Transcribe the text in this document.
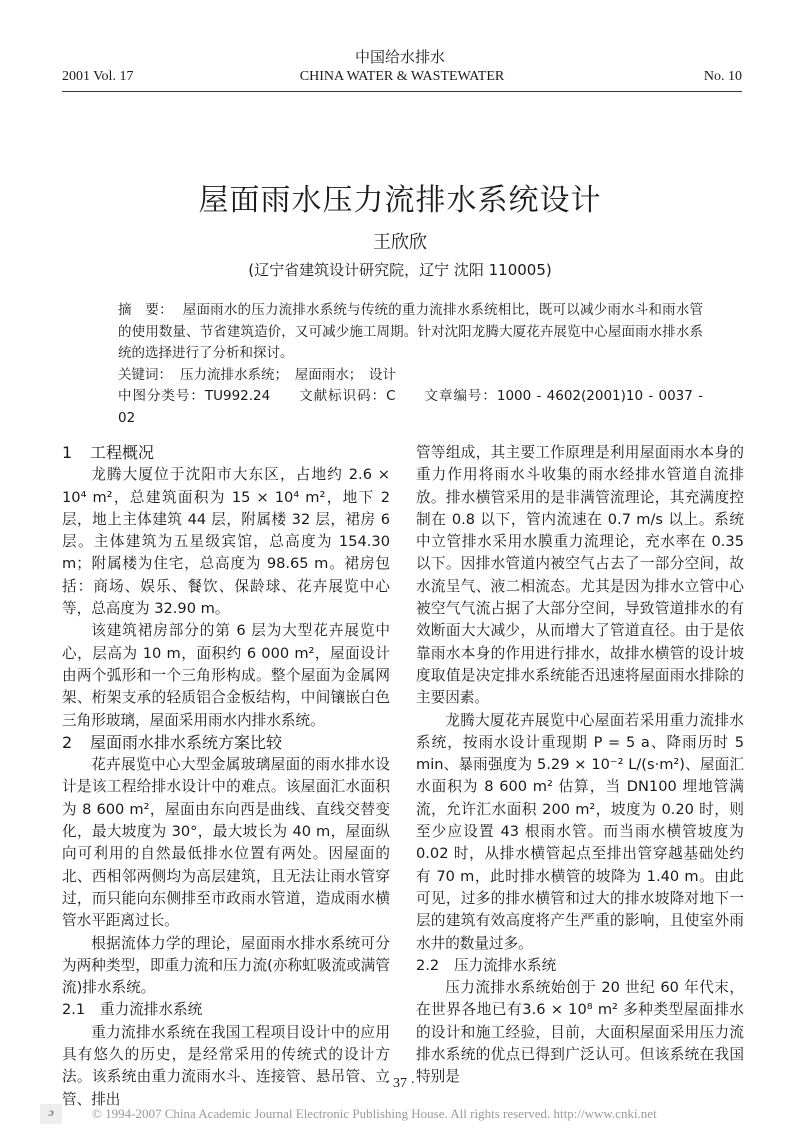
中国给水排水
2001 Vol. 17	CHINA WATER & WASTEWATER	No. 10
屋面雨水压力流排水系统设计
王欣欣
(辽宁省建筑设计研究院，辽宁 沈阳 110005)
摘　要： 屋面雨水的压力流排水系统与传统的重力流排水系统相比，既可以减少雨水斗和雨水管的使用数量、节省建筑造价，又可减少施工周期。针对沈阳龙腾大厦花卉展览中心屋面雨水排水系统的选择进行了分析和探讨。
关键词： 压力流排水系统；　屋面雨水；　设计
中图分类号：TU992.24 文献标识码：C 文章编号：1000 - 4602(2001)10 - 0037 - 02
1 工程概况

龙腾大厦位于沈阳市大东区，占地约 2.6 × 10⁴ m²，总建筑面积为 15 × 10⁴ m²，地下 2 层，地上主体建筑 44 层，附属楼 32 层，裙房 6 层。主体建筑为五星级宾馆，总高度为 154.30 m；附属楼为住宅，总高度为 98.65 m。裙房包括：商场、娱乐、餐饮、保龄球、花卉展览中心等，总高度为 32.90 m。

该建筑裙房部分的第 6 层为大型花卉展览中心，层高为 10 m，面积约 6 000 m²，屋面设计由两个弧形和一个三角形构成。整个屋面为金属网架、桁架支承的轻质铝合金板结构，中间镶嵌白色三角形玻璃，屋面采用雨水内排水系统。

2 屋面雨水排水系统方案比较

花卉展览中心大型金属玻璃屋面的雨水排水设计是该工程给排水设计中的难点。该屋面汇水面积为 8 600 m²，屋面由东向西是曲线、直线交替变化，最大坡度为 30°，最大坡长为 40 m，屋面纵向可利用的自然最低排水位置有两处。因屋面的北、西相邻两侧均为高层建筑，且无法让雨水管穿过，而只能向东侧排至市政雨水管道，造成雨水横管水平距离过长。

根据流体力学的理论，屋面雨水排水系统可分为两种类型，即重力流和压力流(亦称虹吸流或满管流)排水系统。

2.1 重力流排水系统

重力流排水系统在我国工程项目设计中的应用具有悠久的历史，是经常采用的传统式的设计方法。该系统由重力流雨水斗、连接管、悬吊管、立管、排出

管等组成，其主要工作原理是利用屋面雨水本身的重力作用将雨水斗收集的雨水经排水管道自流排放。排水横管采用的是非满管流理论，其充满度控制在 0.8 以下，管内流速在 0.7 m/s 以上。系统中立管排水采用水膜重力流理论，充水率在 0.35 以下。因排水管道内被空气占去了一部分空间，故水流呈气、液二相流态。尤其是因为排水立管中心被空气气流占据了大部分空间，导致管道排水的有效断面大大减少，从而增大了管道直径。由于是依靠雨水本身的作用进行排水，故排水横管的设计坡度取值是决定排水系统能否迅速将屋面雨水排除的主要因素。

龙腾大厦花卉展览中心屋面若采用重力流排水系统，按雨水设计重现期 P = 5 a、降雨历时 5 min、暴雨强度为 5.29 × 10⁻² L/(s·m²)、屋面汇水面积为 8 600 m² 估算，当 DN100 埋地管满流，允许汇水面积 200 m²，坡度为 0.20 时，则至少应设置 43 根雨水管。而当雨水横管坡度为 0.02 时，从排水横管起点至排出管穿越基础处约有 70 m，此时排水横管的坡降为 1.40 m。由此可见，过多的排水横管和过大的排水坡降对地下一层的建筑有效高度将产生严重的影响，且使室外雨水井的数量过多。

2.2 压力流排水系统

压力流排水系统始创于 20 世纪 60 年代末，在世界各地已有3.6 × 10⁸ m² 多种类型屋面排水的设计和施工经验，目前，大面积屋面采用压力流排水系统的优点已得到广泛认可。但该系统在我国特别是

· 37 ·
ɔ	© 1994-2007 China Academic Journal Electronic Publishing House. All rights reserved. http://www.cnki.net
